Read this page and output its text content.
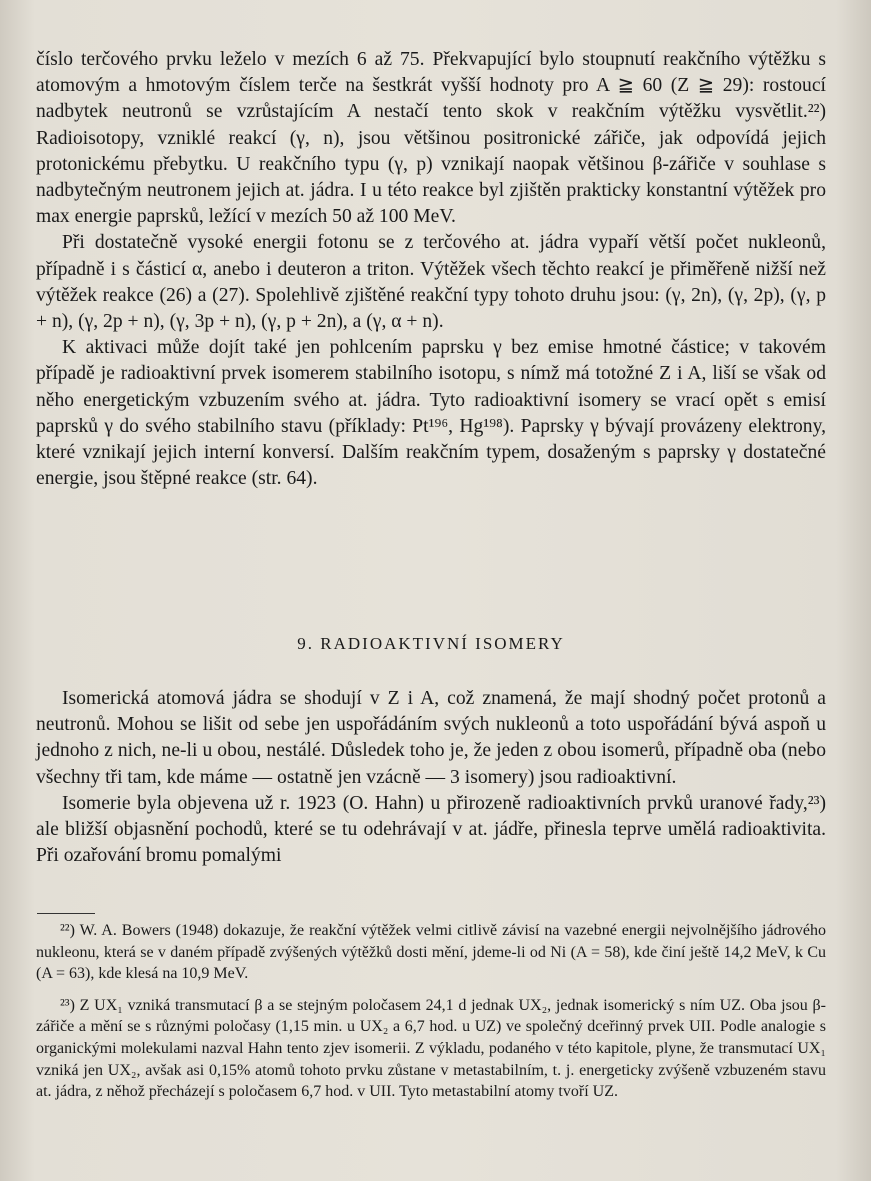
číslo terčového prvku leželo v mezích 6 až 75. Překvapující bylo stoupnutí reakčního výtěžku s atomovým a hmotovým číslem terče na šestkrát vyšší hodnoty pro A ≧ 60 (Z ≧ 29): rostoucí nadbytek neutronů se vzrůstajícím A nestačí tento skok v reakčním výtěžku vysvětlit.²²) Radioisotopy, vzniklé reakcí (γ, n), jsou většinou positronické zářiče, jak odpovídá jejich protonickému přebytku. U reakčního typu (γ, p) vznikají naopak většinou β-zářiče v souhlase s nadbytečným neutronem jejich at. jádra. I u této reakce byl zjištěn prakticky konstantní výtěžek pro max energie paprsků, ležící v mezích 50 až 100 MeV.

Při dostatečně vysoké energii fotonu se z terčového at. jádra vypaří větší počet nukleonů, případně i s částicí α, anebo i deuteron a triton. Výtěžek všech těchto reakcí je přiměřeně nižší než výtěžek reakce (26) a (27). Spolehlivě zjištěné reakční typy tohoto druhu jsou: (γ, 2n), (γ, 2p), (γ, p + n), (γ, 2p + n), (γ, 3p + n), (γ, p + 2n), a (γ, α + n).

K aktivaci může dojít také jen pohlcením paprsku γ bez emise hmotné částice; v takovém případě je radioaktivní prvek isomerem stabilního isotopu, s nímž má totožné Z i A, liší se však od něho energetickým vzbuzením svého at. jádra. Tyto radioaktivní isomery se vrací opět s emisí paprsků γ do svého stabilního stavu (příklady: Pt¹⁹⁶, Hg¹⁹⁸). Paprsky γ bývají provázeny elektrony, které vznikají jejich interní konversí. Dalším reakčním typem, dosaženým s paprsky γ dostatečné energie, jsou štěpné reakce (str. 64).

9. RADIOAKTIVNÍ ISOMERY

Isomerická atomová jádra se shodují v Z i A, což znamená, že mají shodný počet protonů a neutronů. Mohou se lišit od sebe jen uspořádáním svých nukleonů a toto uspořádání bývá aspoň u jednoho z nich, ne-li u obou, nestálé. Důsledek toho je, že jeden z obou isomerů, případně oba (nebo všechny tři tam, kde máme — ostatně jen vzácně — 3 isomery) jsou radioaktivní.

Isomerie byla objevena už r. 1923 (O. Hahn) u přirozeně radioaktivních prvků uranové řady,²³) ale bližší objasnění pochodů, které se tu odehrávají v at. jádře, přinesla teprve umělá radioaktivita. Při ozařování bromu pomalými

²²) W. A. Bowers (1948) dokazuje, že reakční výtěžek velmi citlivě závisí na vazebné energii nejvolnějšího jádrového nukleonu, která se v daném případě zvýšených výtěžků dosti mění, jdeme-li od Ni (A = 58), kde činí ještě 14,2 MeV, k Cu (A = 63), kde klesá na 10,9 MeV.

²³) Z UX₁ vzniká transmutací β a se stejným poločasem 24,1 d jednak UX₂, jednak isomerický s ním UZ. Oba jsou β-zářiče a mění se s různými poločasy (1,15 min. u UX₂ a 6,7 hod. u UZ) ve společný dceřinný prvek UII. Podle analogie s organickými molekulami nazval Hahn tento zjev isomerii. Z výkladu, podaného v této kapitole, plyne, že transmutací UX₁ vzniká jen UX₂, avšak asi 0,15% atomů tohoto prvku zůstane v metastabilním, t. j. energeticky zvýšeně vzbuzeném stavu at. jádra, z něhož přecházejí s poločasem 6,7 hod. v UII. Tyto metastabilní atomy tvoří UZ.
